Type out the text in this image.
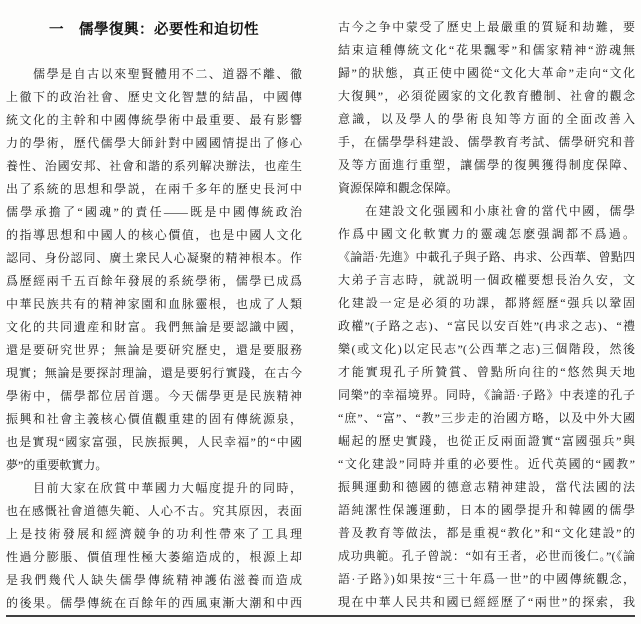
一　儒學復興：必要性和迫切性
　　儒學是自古以來聖賢體用不二、道器不離、徹
上徹下的政治社會、歷史文化智慧的結晶，中國傳
統文化的主幹和中國傳統學術中最重要、最有影響
力的學術，歷代儒學大師針對中國國情提出了修心
養性、治國安邦、社會和諧的系列解决辦法，也産生
出了系統的思想和學説，在兩千多年的歷史長河中
儒學承擔了“國魂”的責任——既是中國傳統政治
的指導思想和中國人的核心價值，也是中國人文化
認同、身份認同、廣土衆民人心凝聚的精神根本。作
爲歷經兩千五百餘年發展的系統學術，儒學已成爲
中華民族共有的精神家園和血脉靈根，也成了人類
文化的共同遺産和財富。我們無論是要認識中國，
還是要研究世界；無論是要研究歷史，還是要服務
現實；無論是要探討理論，還是要躬行實踐，在古今
學術中，儒學都位居首選。今天儒學更是民族精神
振興和社會主義核心價值觀重建的固有傳統源泉，
也是實現“國家富强，民族振興，人民幸福”的“中國
夢”的重要軟實力。
　　目前大家在欣賞中華國力大幅度提升的同時，
也在感慨社會道德失範、人心不古。究其原因，表面
上是技術發展和經濟競争的功利性帶來了工具理
性過分膨脹、價值理性極大萎縮造成的，根源上却
是我們幾代人缺失儒學傳統精神護佑滋養而造成
的後果。儒學傳統在百餘年的西風東漸大潮和中西
古今之争中蒙受了歷史上最嚴重的質疑和劫難，要
結束這種傳統文化“花果飄零”和儒家精神“游魂無
歸”的狀態，真正使中國從“文化大革命”走向“文化
大復興”，必須從國家的文化教育體制、社會的觀念
意識，以及學人的學術良知等方面的全面改善入
手，在儒學學科建設、儒學教育考試、儒學研究和普
及等方面進行重塑，讓儒學的復興獲得制度保障、
資源保障和觀念保障。
　　在建設文化强國和小康社會的當代中國，儒學
作爲中國文化軟實力的靈魂怎麽强調都不爲過。
《論語·先進》中載孔子與子路、冉求、公西華、曾點四
大弟子言志時，就説明一個政權要想長治久安，文
化建設一定是必須的功課，都將經歷“强兵以鞏固
政權”(子路之志)、“富民以安百姓”(冉求之志)、“禮
樂(或文化)以定民志”(公西華之志)三個階段，然後
才能實現孔子所贊賞、曾點所向往的“悠然與天地
同樂”的幸福境界。同時，《論語·子路》中表達的孔子
“庶”、“富”、“教”三步走的治國方略，以及中外大國
崛起的歷史實踐，也從正反兩面證實“富國强兵”與
“文化建設”同時并重的必要性。近代英國的“國教”
振興運動和德國的德意志精神建設，當代法國的法
語純潔性保護運動，日本的國學提升和韓國的儒學
普及教育等做法，都是重視“教化”和“文化建設”的
成功典範。孔子曾説：“如有王者，必世而後仁。”(《論
語·子路》)如果按“三十年爲一世”的中國傳統觀念，
現在中華人民共和國已經經歷了“兩世”的探索，我
